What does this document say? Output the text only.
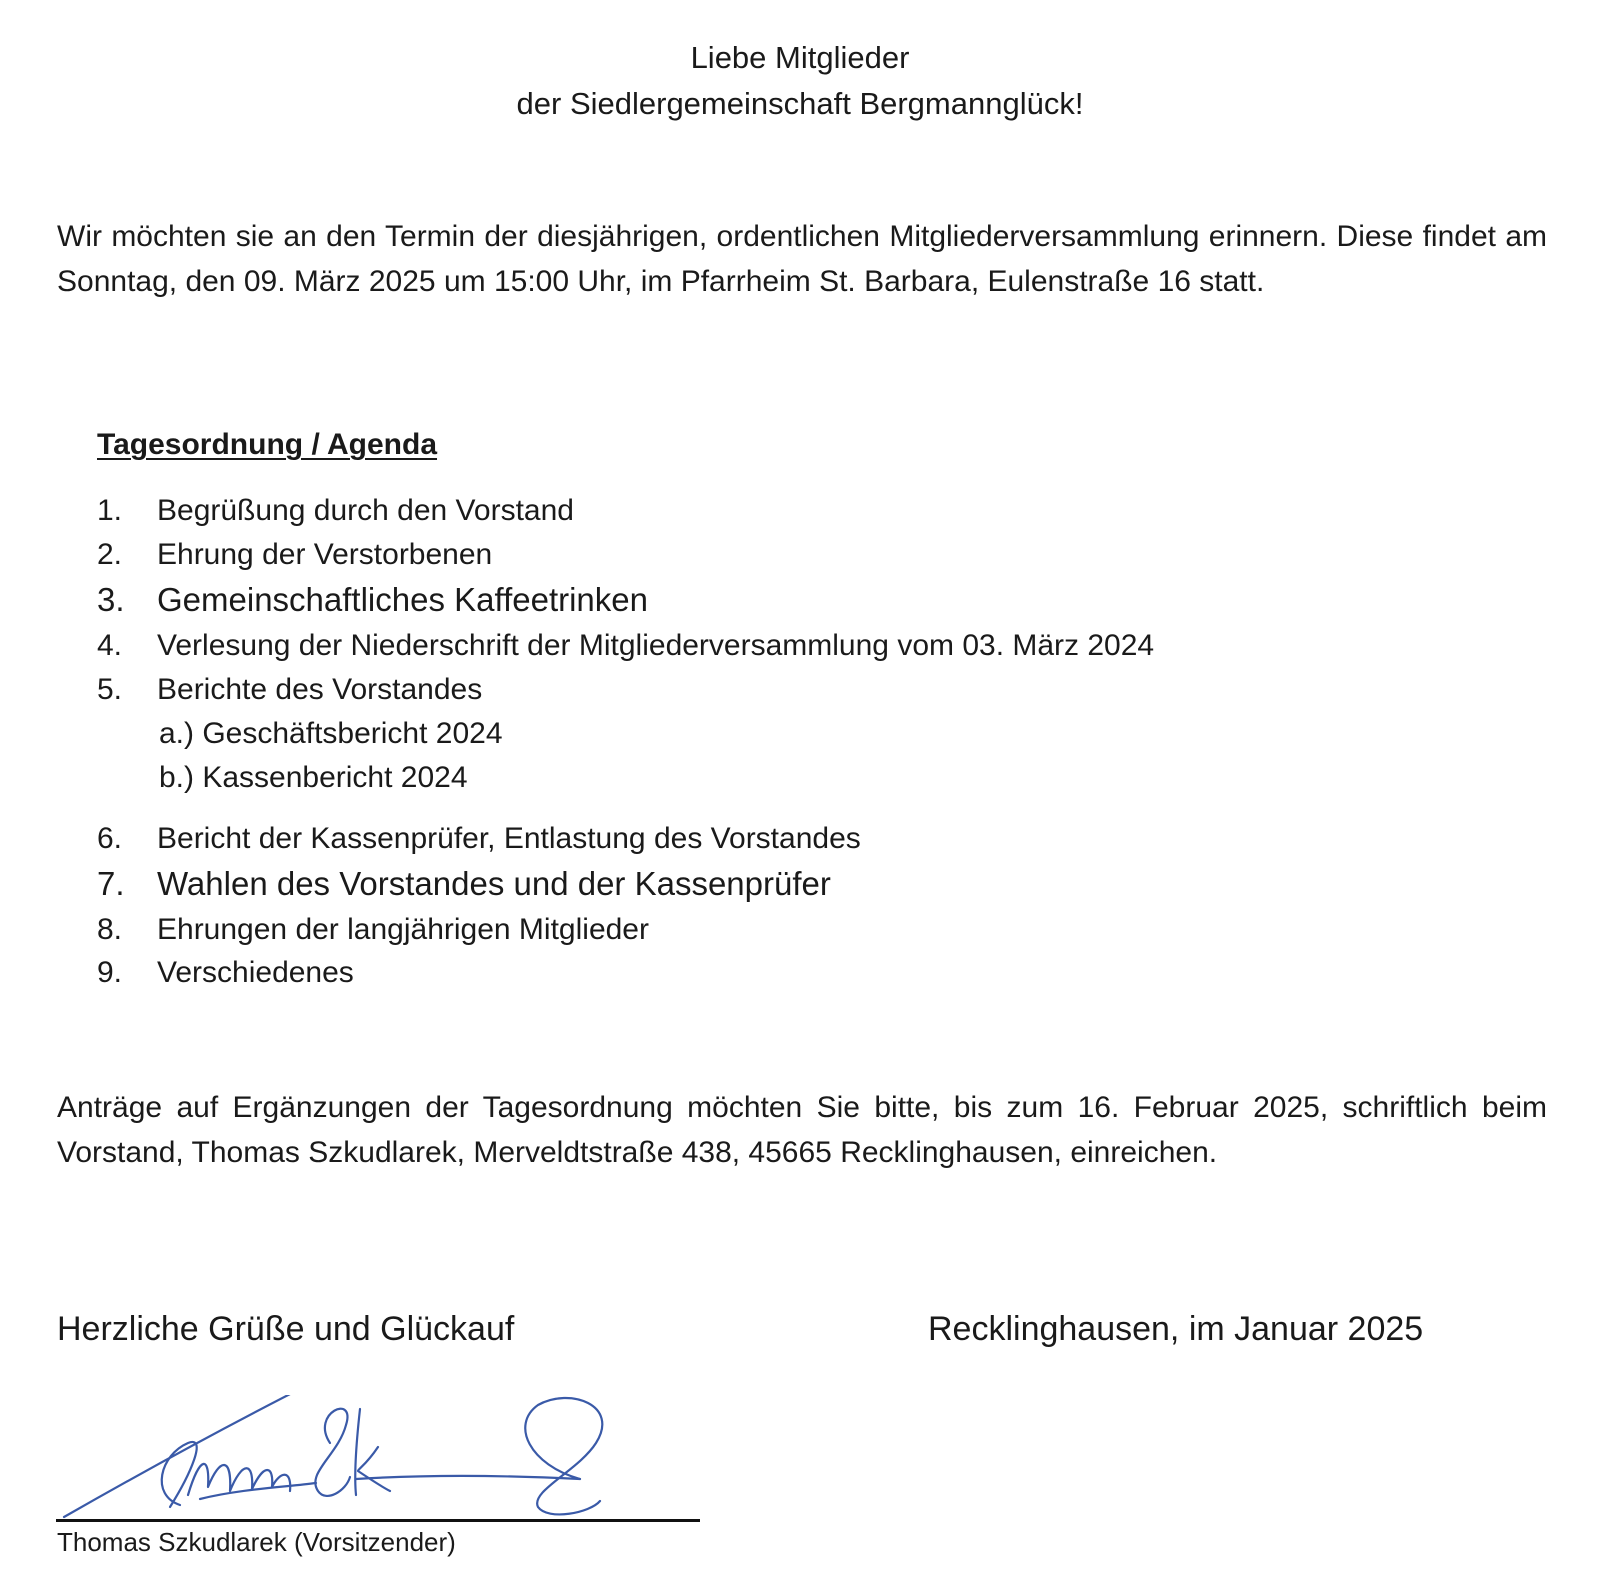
Liebe Mitglieder
der Siedlergemeinschaft Bergmannglück!

Wir möchten sie an den Termin der diesjährigen, ordentlichen Mitgliederversammlung erinnern. Diese findet am Sonntag, den 09. März 2025 um 15:00 Uhr, im Pfarrheim St. Barbara, Eulenstraße 16 statt.

Tagesordnung / Agenda
1. Begrüßung durch den Vorstand
2. Ehrung der Verstorbenen
3. Gemeinschaftliches Kaffeetrinken
4. Verlesung der Niederschrift der Mitgliederversammlung vom 03. März 2024
5. Berichte des Vorstandes
a.) Geschäftsbericht 2024
b.) Kassenbericht 2024
6. Bericht der Kassenprüfer, Entlastung des Vorstandes
7. Wahlen des Vorstandes und der Kassenprüfer
8. Ehrungen der langjährigen Mitglieder
9. Verschiedenes

Anträge auf Ergänzungen der Tagesordnung möchten Sie bitte, bis zum 16. Februar 2025, schriftlich beim Vorstand, Thomas Szkudlarek, Merveldtstraße 438, 45665 Recklinghausen, einreichen.

Herzliche Grüße und Glückauf	Recklinghausen, im Januar 2025

Thomas Szkudlarek (Vorsitzender)
